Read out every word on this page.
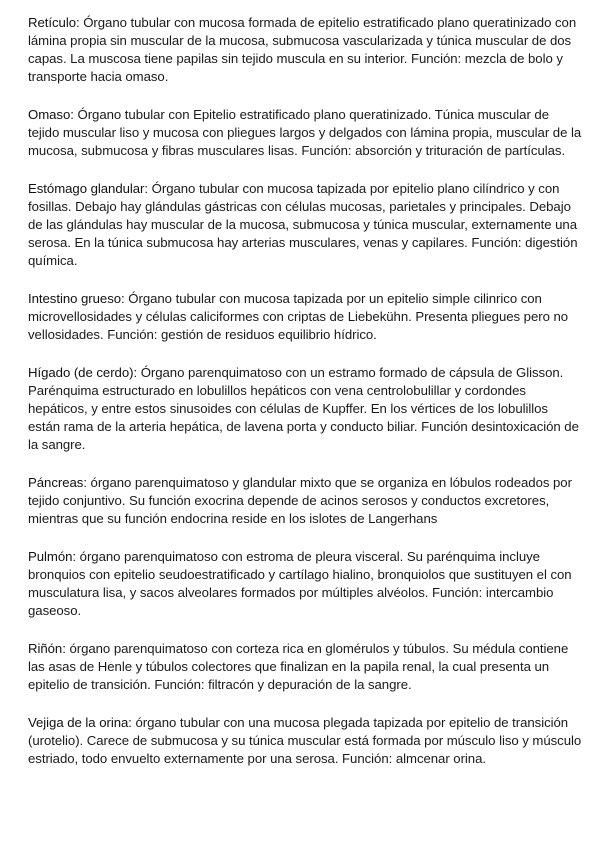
Retículo: Órgano tubular con mucosa formada de epitelio estratificado plano queratinizado con lámina propia sin muscular de la mucosa, submucosa vascularizada y túnica muscular de dos capas. La muscosa tiene papilas sin tejido muscula en su interior. Función: mezcla de bolo y transporte hacia omaso.

Omaso: Órgano tubular con Epitelio estratificado plano queratinizado. Túnica muscular de tejido muscular liso y mucosa con pliegues largos y delgados con lámina propia, muscular de la mucosa, submucosa y fibras musculares lisas. Función: absorción y trituración de partículas.

Estómago glandular: Órgano tubular con mucosa tapizada por epitelio plano cilíndrico y con fosillas. Debajo hay glándulas gástricas con células mucosas, parietales y principales. Debajo de las glándulas hay muscular de la mucosa, submucosa y túnica muscular, externamente una serosa. En la túnica submucosa hay arterias musculares, venas y capilares. Función: digestión química.

Intestino grueso: Órgano tubular con mucosa tapizada por un epitelio simple cilinrico con microvellosidades y células caliciformes con criptas de Liebekühn. Presenta pliegues pero no vellosidades. Función: gestión de residuos equilibrio hídrico.

Hígado (de cerdo): Órgano parenquimatoso con un estramo formado de cápsula de Glisson. Parénquima estructurado en lobulillos hepáticos con vena centrolobulillar y cordondes hepáticos, y entre estos sinusoides con células de Kupffer. En los vértices de los lobulillos están rama de la arteria hepática, de lavena porta y conducto biliar. Función desintoxicación de la sangre.

Páncreas: órgano parenquimatoso y glandular mixto que se organiza en lóbulos rodeados por tejido conjuntivo. Su función exocrina depende de acinos serosos y conductos excretores, mientras que su función endocrina reside en los islotes de Langerhans

Pulmón: órgano parenquimatoso con estroma de pleura visceral. Su parénquima incluye bronquios con epitelio seudoestratificado y cartílago hialino, bronquiolos que sustituyen el con musculatura lisa, y sacos alveolares formados por múltiples alvéolos. Función: intercambio gaseoso.

Riñón: órgano parenquimatoso con corteza rica en glomérulos y túbulos. Su médula contiene las asas de Henle y túbulos colectores que finalizan en la papila renal, la cual presenta un epitelio de transición. Función: filtracón y depuración de la sangre.

Vejiga de la orina: órgano tubular con una mucosa plegada tapizada por epitelio de transición (urotelio). Carece de submucosa y su túnica muscular está formada por músculo liso y músculo estriado, todo envuelto externamente por una serosa. Función: almcenar orina.
